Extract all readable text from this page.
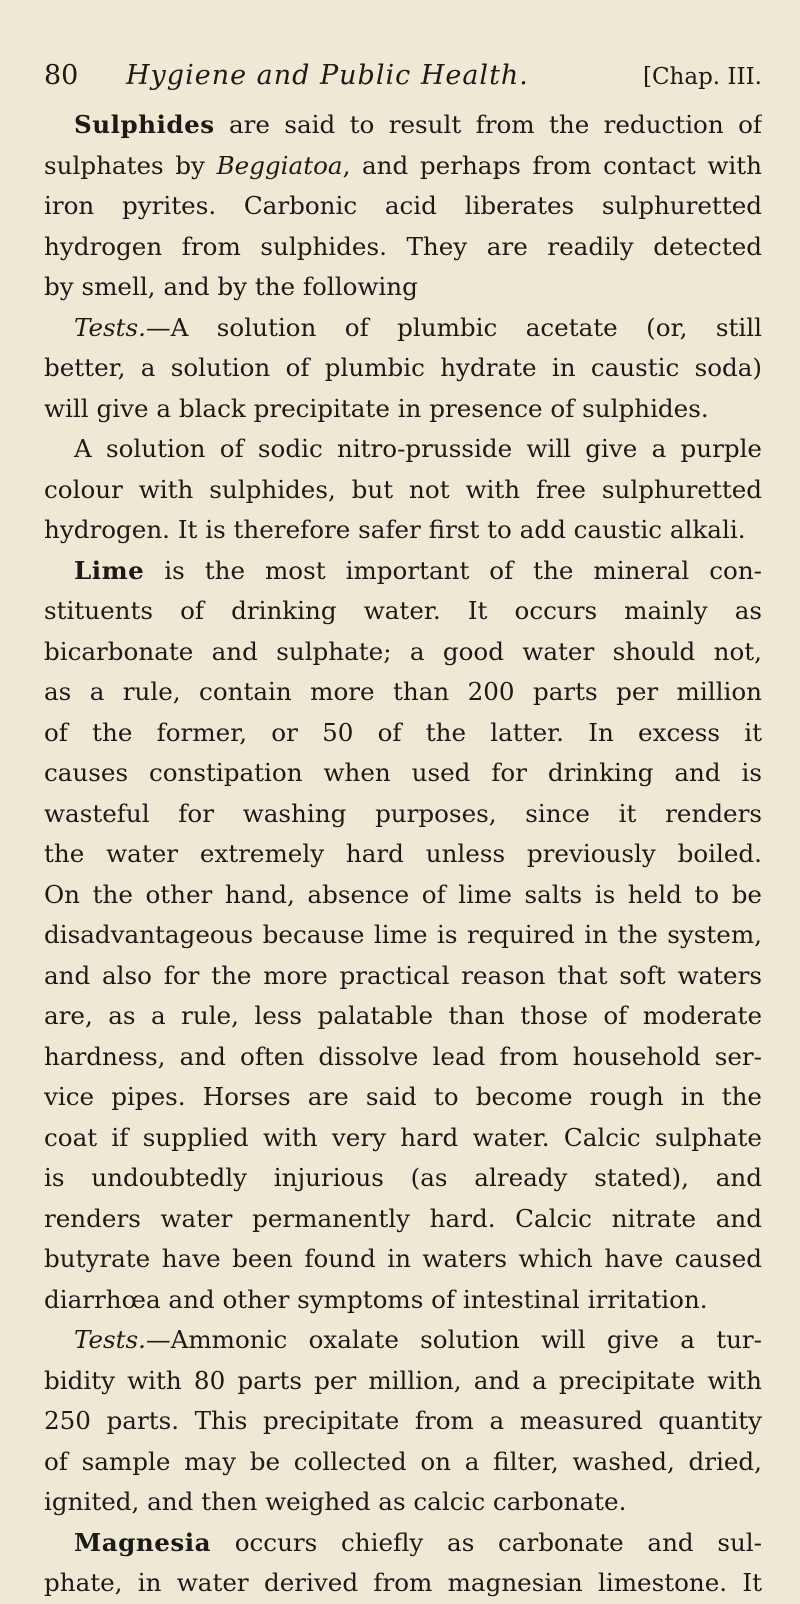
80	Hygiene and Public Health.	[Chap. III.
Sulphides are said to result from the reduction of
sulphates by Beggiatoa, and perhaps from contact with
iron pyrites. Carbonic acid liberates sulphuretted
hydrogen from sulphides. They are readily detected
by smell, and by the following
Tests.—A solution of plumbic acetate (or, still
better, a solution of plumbic hydrate in caustic soda)
will give a black precipitate in presence of sulphides.
A solution of sodic nitro-prusside will give a purple
colour with sulphides, but not with free sulphuretted
hydrogen. It is therefore safer first to add caustic alkali.
Lime is the most important of the mineral con-
stituents of drinking water. It occurs mainly as
bicarbonate and sulphate; a good water should not,
as a rule, contain more than 200 parts per million
of the former, or 50 of the latter. In excess it
causes constipation when used for drinking and is
wasteful for washing purposes, since it renders
the water extremely hard unless previously boiled.
On the other hand, absence of lime salts is held to be
disadvantageous because lime is required in the system,
and also for the more practical reason that soft waters
are, as a rule, less palatable than those of moderate
hardness, and often dissolve lead from household ser-
vice pipes. Horses are said to become rough in the
coat if supplied with very hard water. Calcic sulphate
is undoubtedly injurious (as already stated), and
renders water permanently hard. Calcic nitrate and
butyrate have been found in waters which have caused
diarrhœa and other symptoms of intestinal irritation.
Tests.—Ammonic oxalate solution will give a tur-
bidity with 80 parts per million, and a precipitate with
250 parts. This precipitate from a measured quantity
of sample may be collected on a filter, washed, dried,
ignited, and then weighed as calcic carbonate.
Magnesia occurs chiefly as carbonate and sul-
phate, in water derived from magnesian limestone. It
